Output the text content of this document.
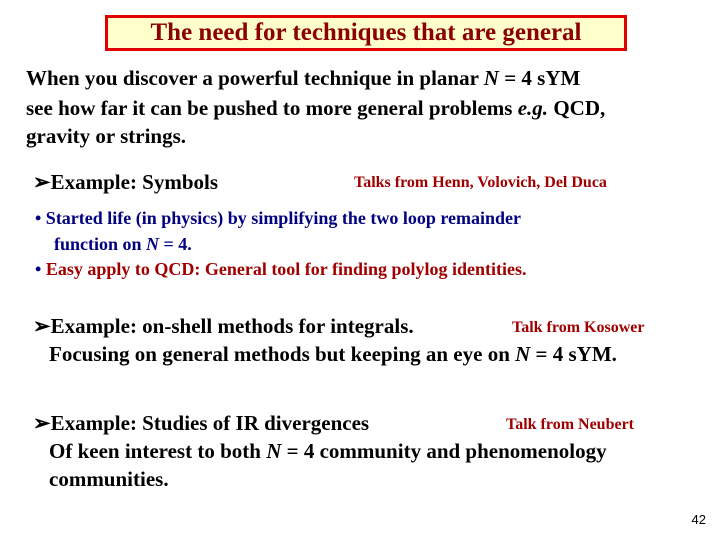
The need for techniques that are general
When you discover a powerful technique in planar N = 4 sYM
see how far it can be pushed to more general problems e.g. QCD,
gravity or strings.
➢Example: Symbols	Talks from Henn, Volovich, Del Duca
• Started life (in physics) by simplifying the two loop remainder
function on N = 4.
• Easy apply to QCD: General tool for finding polylog identities.
➢Example: on-shell methods for integrals.	Talk from Kosower
Focusing on general methods but keeping an eye on N = 4 sYM.
➢Example: Studies of IR divergences	Talk from Neubert
Of keen interest to both N = 4 community and phenomenology
communities.
42
